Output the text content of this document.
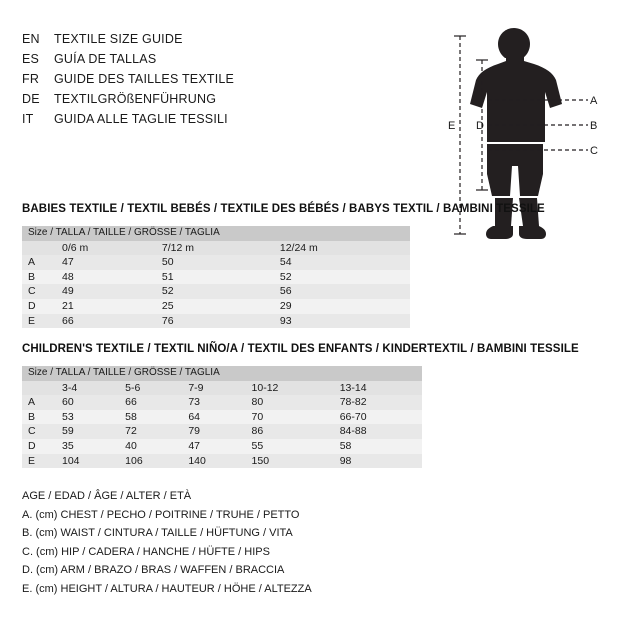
EN	TEXTILE SIZE GUIDE
ES	GUÍA DE TALLAS
FR	GUIDE DES TAILLES TEXTILE
DE	TEXTILGRÖßENFÜHRUNG
IT	GUIDA ALLE TAGLIE TESSILI
A
B
C
D
E
BABIES TEXTILE / TEXTIL BEBÉS / TEXTILE DES BÉBÉS / BABYS TEXTIL / BAMBINI TESSILE
Size / TALLA / TAILLE / GRÖSSE / TAGLIA			
	0/6 m	7/12 m	12/24 m
A	47	50	54
B	48	51	52
C	49	52	56
D	21	25	29
E	66	76	93
CHILDREN'S TEXTILE / TEXTIL NIÑO/A / TEXTIL DES ENFANTS / KINDERTEXTIL / BAMBINI TESSILE
Size / TALLA / TAILLE / GRÖSSE / TAGLIA					
	3-4	5-6	7-9	10-12	13-14
A	60	66	73	80	78-82
B	53	58	64	70	66-70
C	59	72	79	86	84-88
D	35	40	47	55	58
E	104	106	140	150	98
AGE / EDAD / ÂGE / ALTER / ETÀ
A. (cm) CHEST / PECHO / POITRINE / TRUHE / PETTO
B. (cm) WAIST / CINTURA / TAILLE / HÜFTUNG / VITA
C. (cm) HIP / CADERA / HANCHE / HÜFTE / HIPS
D. (cm) ARM / BRAZO / BRAS / WAFFEN / BRACCIA
E. (cm) HEIGHT / ALTURA / HAUTEUR / HÖHE / ALTEZZA
